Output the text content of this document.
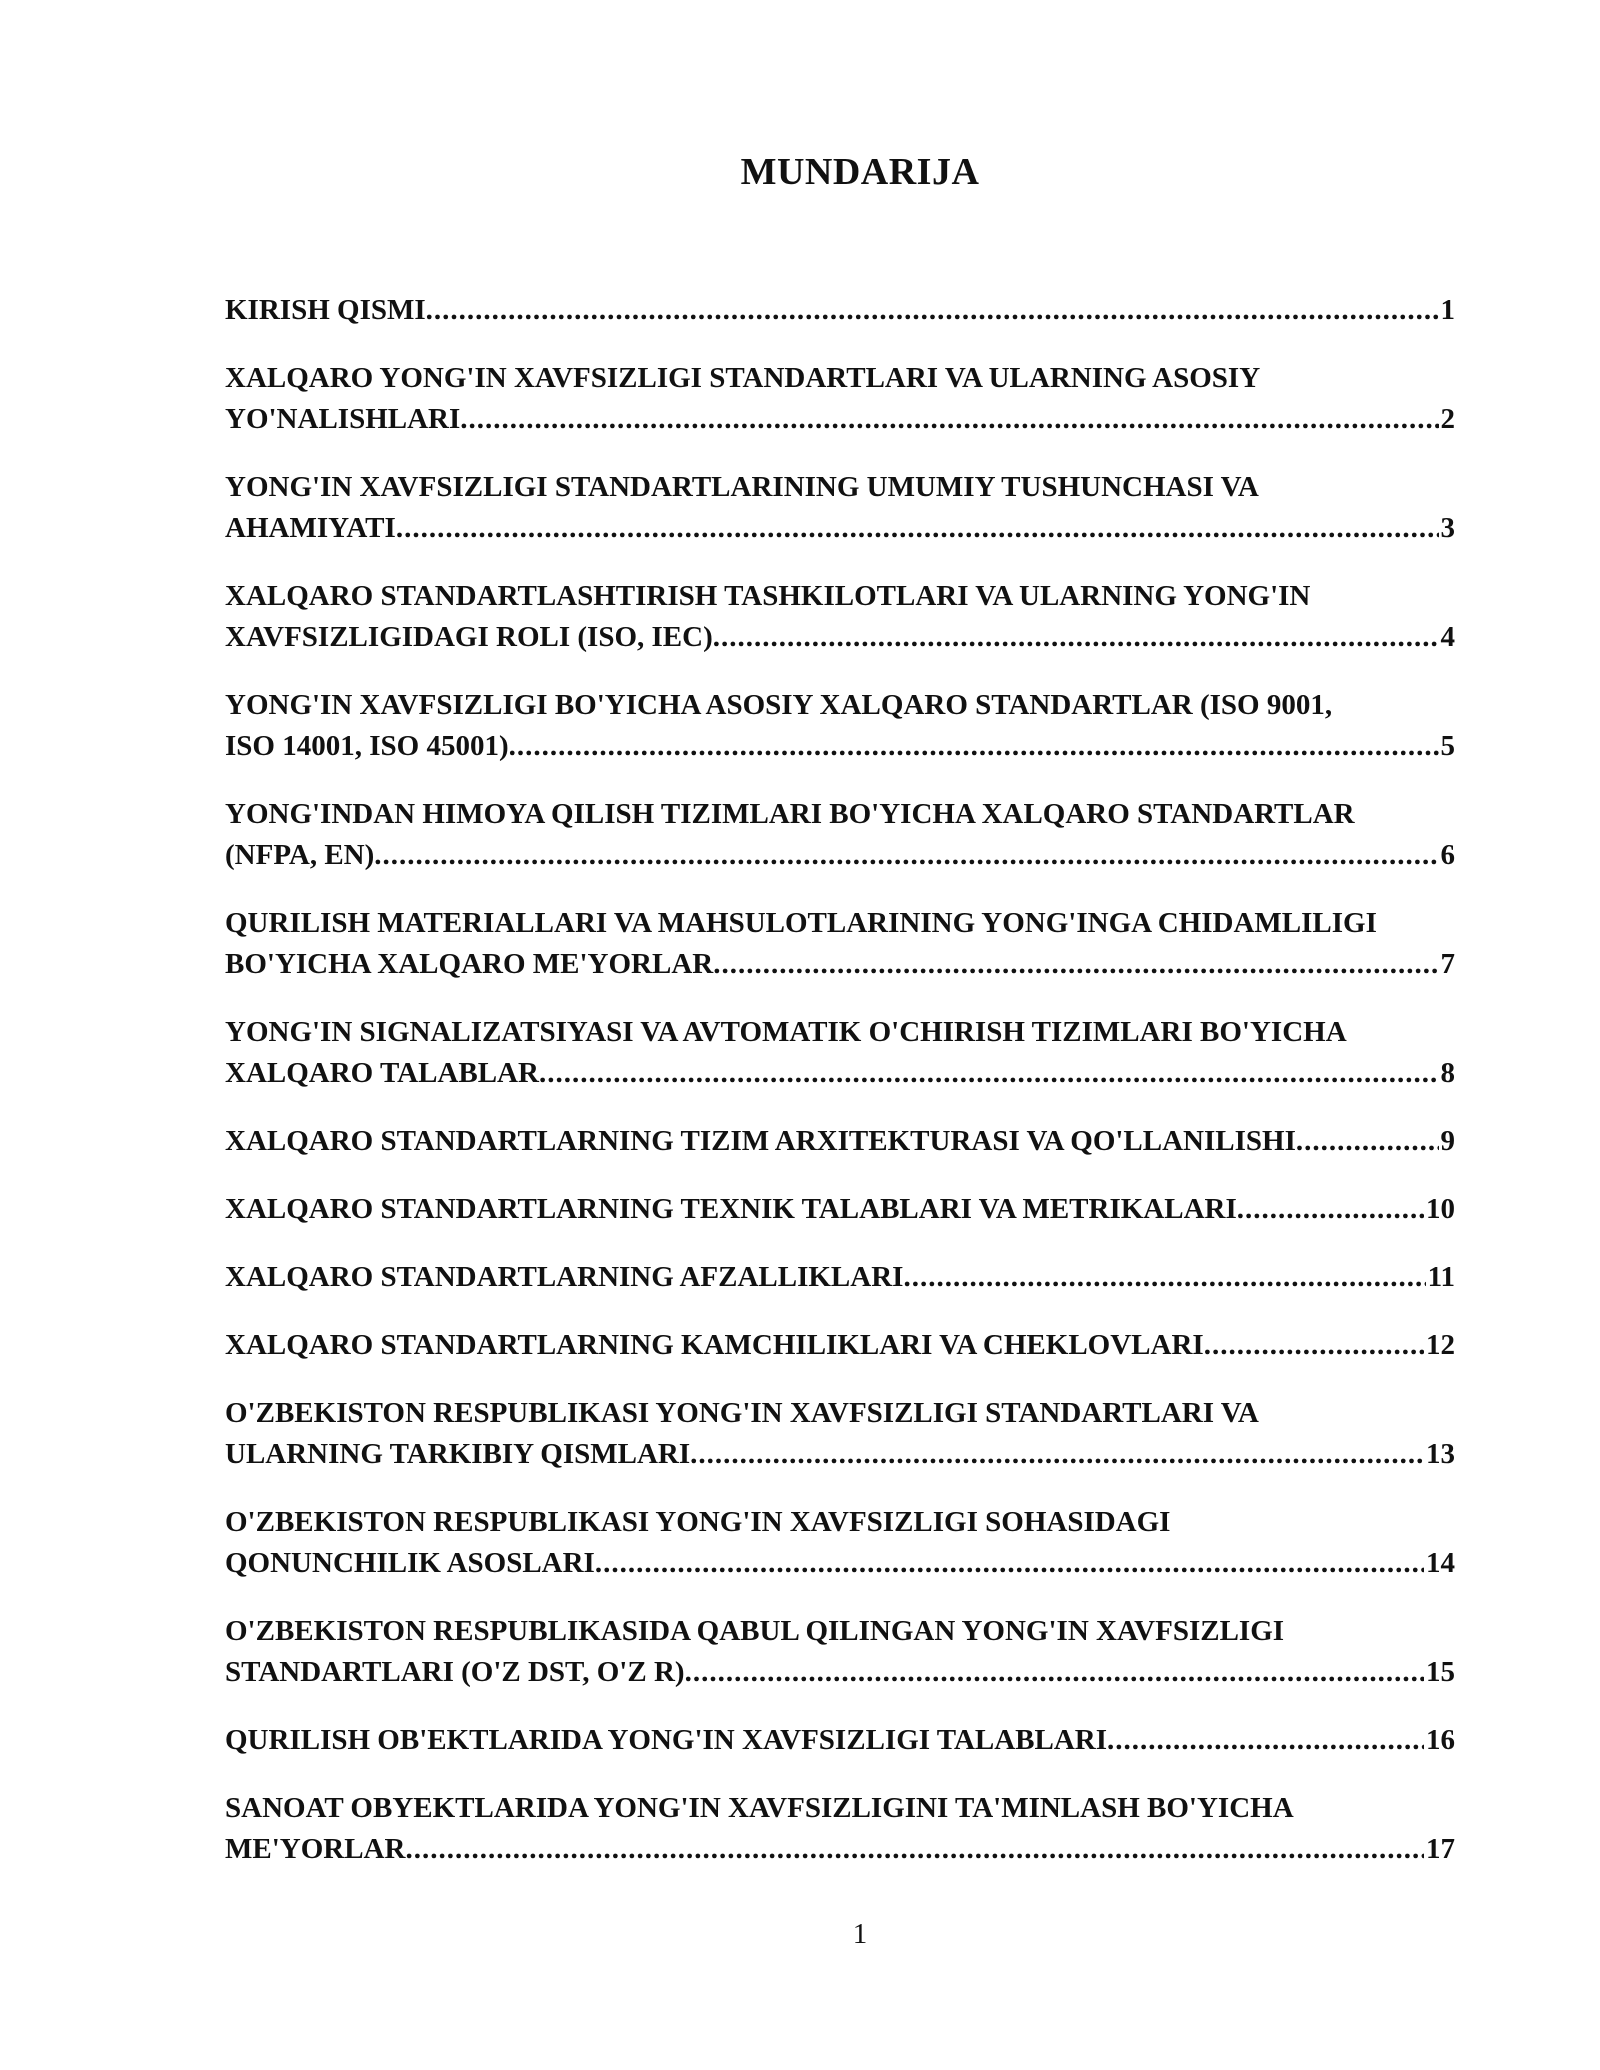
MUNDARIJA
KIRISH QISMI .....	1
XALQARO YONG'IN XAVFSIZLIGI STANDARTLARI VA ULARNING ASOSIY
YO'NALISHLARI .....	2
YONG'IN XAVFSIZLIGI STANDARTLARINING UMUMIY TUSHUNCHASI VA
AHAMIYATI .....	3
XALQARO STANDARTLASHTIRISH TASHKILOTLARI VA ULARNING YONG'IN
XAVFSIZLIGIDAGI ROLI (ISO, IEC) .....	4
YONG'IN XAVFSIZLIGI BO'YICHA ASOSIY XALQARO STANDARTLAR (ISO 9001,
ISO 14001, ISO 45001) .....	5
YONG'INDAN HIMOYA QILISH TIZIMLARI BO'YICHA XALQARO STANDARTLAR
(NFPA, EN) .....	6
QURILISH MATERIALLARI VA MAHSULOTLARINING YONG'INGA CHIDAMLILIGI
BO'YICHA XALQARO ME'YORLAR .....	7
YONG'IN SIGNALIZATSIYASI VA AVTOMATIK O'CHIRISH TIZIMLARI BO'YICHA
XALQARO TALABLAR .....	8
XALQARO STANDARTLARNING TIZIM ARXITEKTURASI VA QO'LLANILISHI .....	9
XALQARO STANDARTLARNING TEXNIK TALABLARI VA METRIKALARI .....	10
XALQARO STANDARTLARNING AFZALLIKLARI .....	11
XALQARO STANDARTLARNING KAMCHILIKLARI VA CHEKLOVLARI .....	12
O'ZBEKISTON RESPUBLIKASI YONG'IN XAVFSIZLIGI STANDARTLARI VA
ULARNING TARKIBIY QISMLARI .....	13
O'ZBEKISTON RESPUBLIKASI YONG'IN XAVFSIZLIGI SOHASIDAGI
QONUNCHILIK ASOSLARI .....	14
O'ZBEKISTON RESPUBLIKASIDA QABUL QILINGAN YONG'IN XAVFSIZLIGI
STANDARTLARI (O'Z DST, O'Z R) .....	15
QURILISH OB'EKTLARIDA YONG'IN XAVFSIZLIGI TALABLARI .....	16
SANOAT OBYEKTLARIDA YONG'IN XAVFSIZLIGINI TA'MINLASH BO'YICHA
ME'YORLAR .....	17
1
